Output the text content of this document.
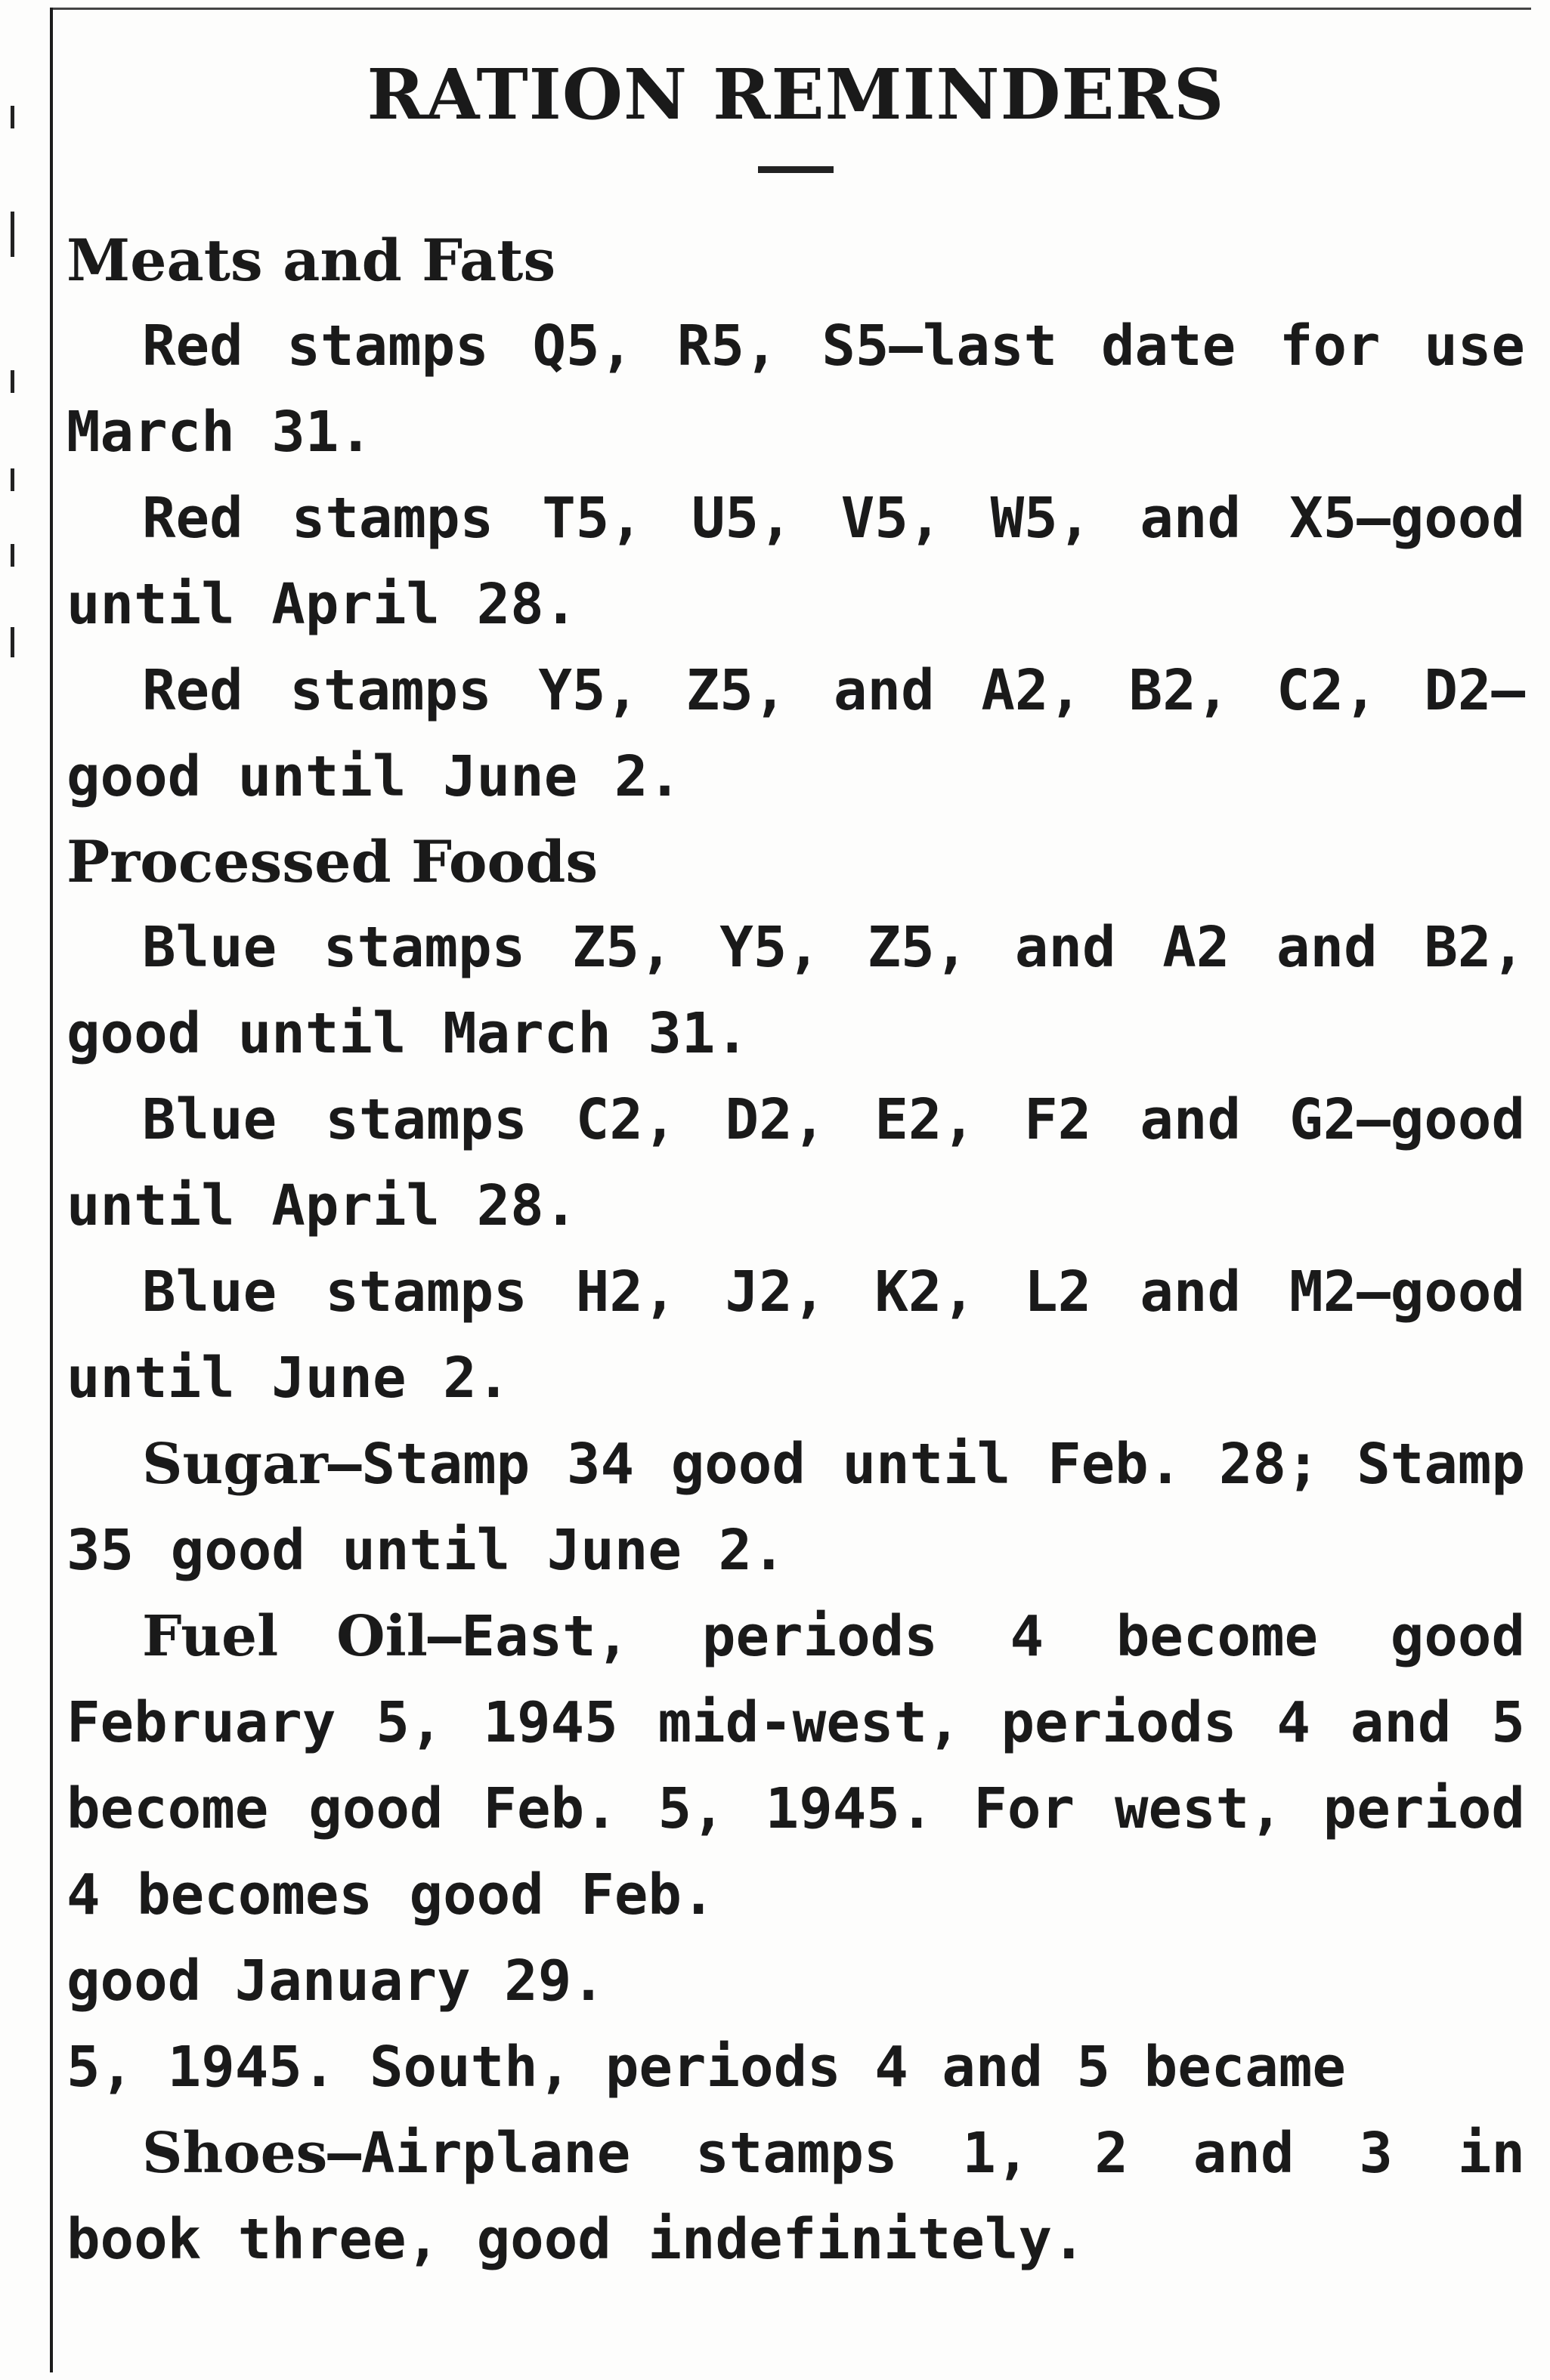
RATION REMINDERS

Meats and Fats

Red stamps Q5, R5, S5—last date for use March 31.

Red stamps T5, U5, V5, W5, and X5—good until April 28.

Red stamps Y5, Z5, and A2, B2, C2, D2—good until June 2.

Processed Foods

Blue stamps Z5, Y5, Z5, and A2 and B2, good until March 31.

Blue stamps C2, D2, E2, F2 and G2—good until April 28.

Blue stamps H2, J2, K2, L2 and M2—good until June 2.

Sugar—Stamp 34 good until Feb. 28; Stamp 35 good until June 2.

Fuel Oil—East, periods 4 become good February 5, 1945 mid-west, periods 4 and 5 become good Feb. 5, 1945. For west, period 4 becomes good Feb.

good January 29.

5, 1945. South, periods 4 and 5 became

Shoes—Airplane stamps 1, 2 and 3 in book three, good indefinitely.
